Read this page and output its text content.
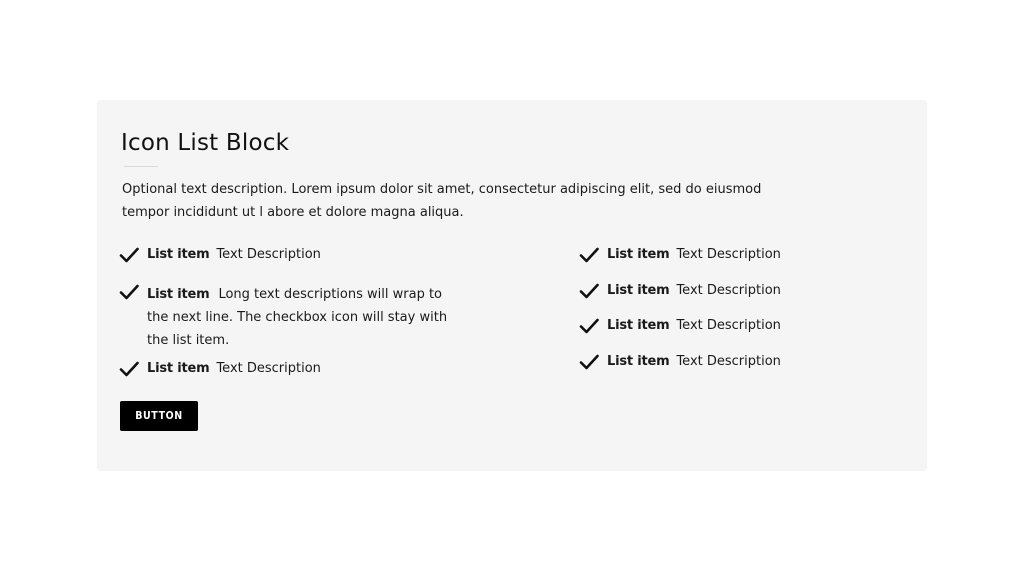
Icon List Block

Optional text description. Lorem ipsum dolor sit amet, consectetur adipiscing elit, sed do eiusmod tempor incididunt ut l abore et dolore magna aliqua.

List item Text Description
List item Long text descriptions will wrap to the next line. The checkbox icon will stay with the list item.
List item Text Description
List item Text Description
List item Text Description
List item Text Description
List item Text Description
BUTTON
